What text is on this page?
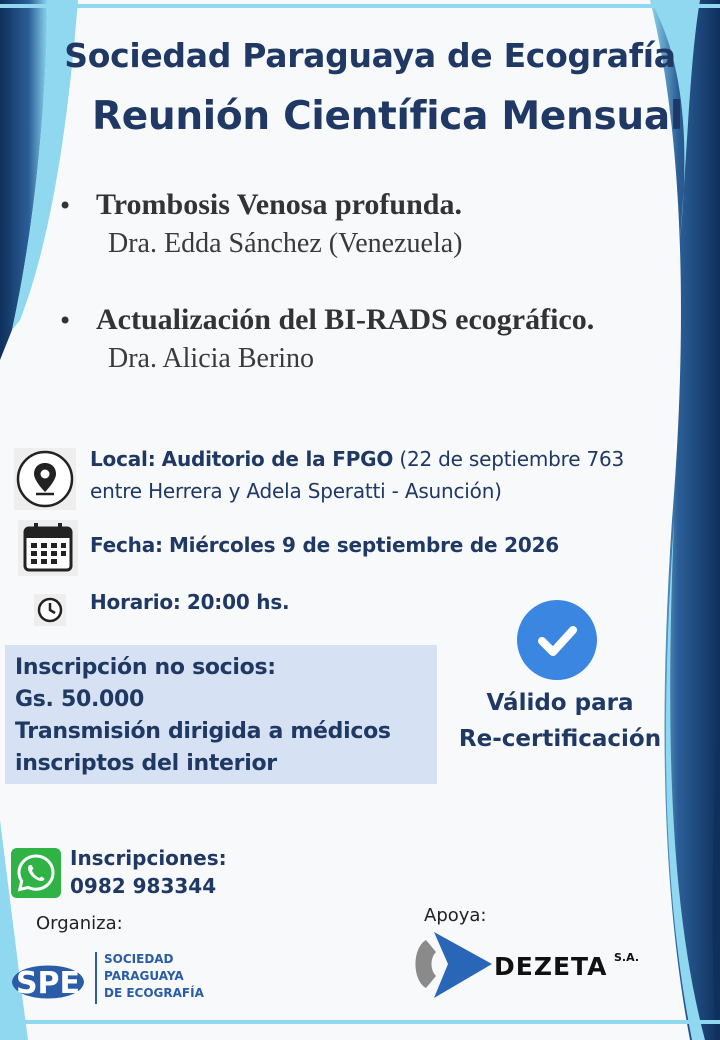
Sociedad Paraguaya de Ecografía
Reunión Científica Mensual
• Trombosis Venosa profunda.
Dra. Edda Sánchez (Venezuela)
• Actualización del BI-RADS ecográfico.
Dra. Alicia Berino
Local: Auditorio de la FPGO (22 de septiembre 763
entre Herrera y Adela Speratti - Asunción)
Fecha: Miércoles 9 de septiembre de 2026
Horario: 20:00 hs.
Inscripción no socios:
Gs. 50.000
Transmisión dirigida a médicos
inscriptos del interior
Válido para
Re-certificación
Inscripciones:
0982 983344
Organiza:
SPE
SOCIEDAD
PARAGUAYA
DE ECOGRAFÍA
Apoya:
DEZETA S.A.
